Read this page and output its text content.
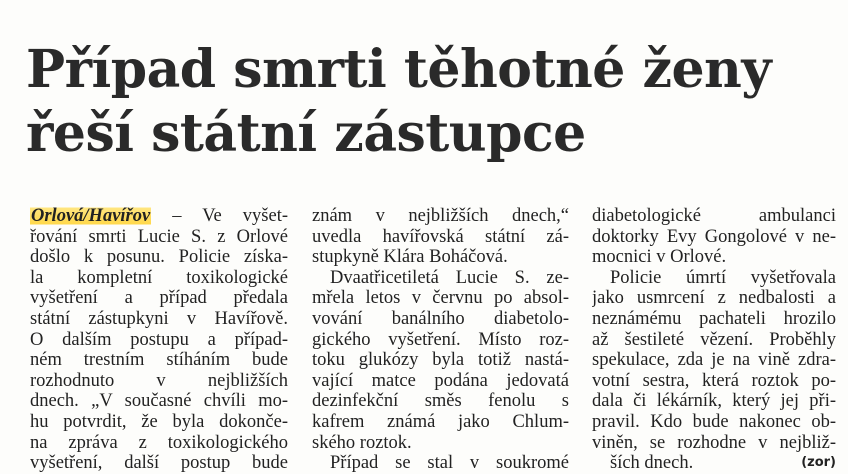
Případ smrti těhotné ženy
řeší státní zástupce
Orlová/Havířov – Ve vyšet-
řování smrti Lucie S. z Orlové
došlo k posunu. Policie získa-
la kompletní toxikologické
vyšetření a případ předala
státní zástupkyni v Havířově.
O dalším postupu a případ-
ném trestním stíháním bude
rozhodnuto v nejbližších
dnech. „V současné chvíli mo-
hu potvrdit, že byla dokonče-
na zpráva z toxikologického
vyšetření, další postup bude
znám v nejbližších dnech,“
uvedla havířovská státní zá-
stupkyně Klára Boháčová.
Dvaatřicetiletá Lucie S. ze-
mřela letos v červnu po absol-
vování banálního diabetolo-
gického vyšetření. Místo roz-
toku glukózy byla totiž nastá-
vající matce podána jedovatá
dezinfekční směs fenolu s
kafrem známá jako Chlum-
ského roztok.
Případ se stal v soukromé
diabetologické ambulanci
doktorky Evy Gongolové v ne-
mocnici v Orlové.
Policie úmrtí vyšetřovala
jako usmrcení z nedbalosti a
neznámému pachateli hrozilo
až šestileté vězení. Proběhly
spekulace, zda je na vině zdra-
votní sestra, která roztok po-
dala či lékárník, který jej při-
pravil. Kdo bude nakonec ob-
viněn, se rozhodne v nejbliž-
ších dnech.	(zor)
